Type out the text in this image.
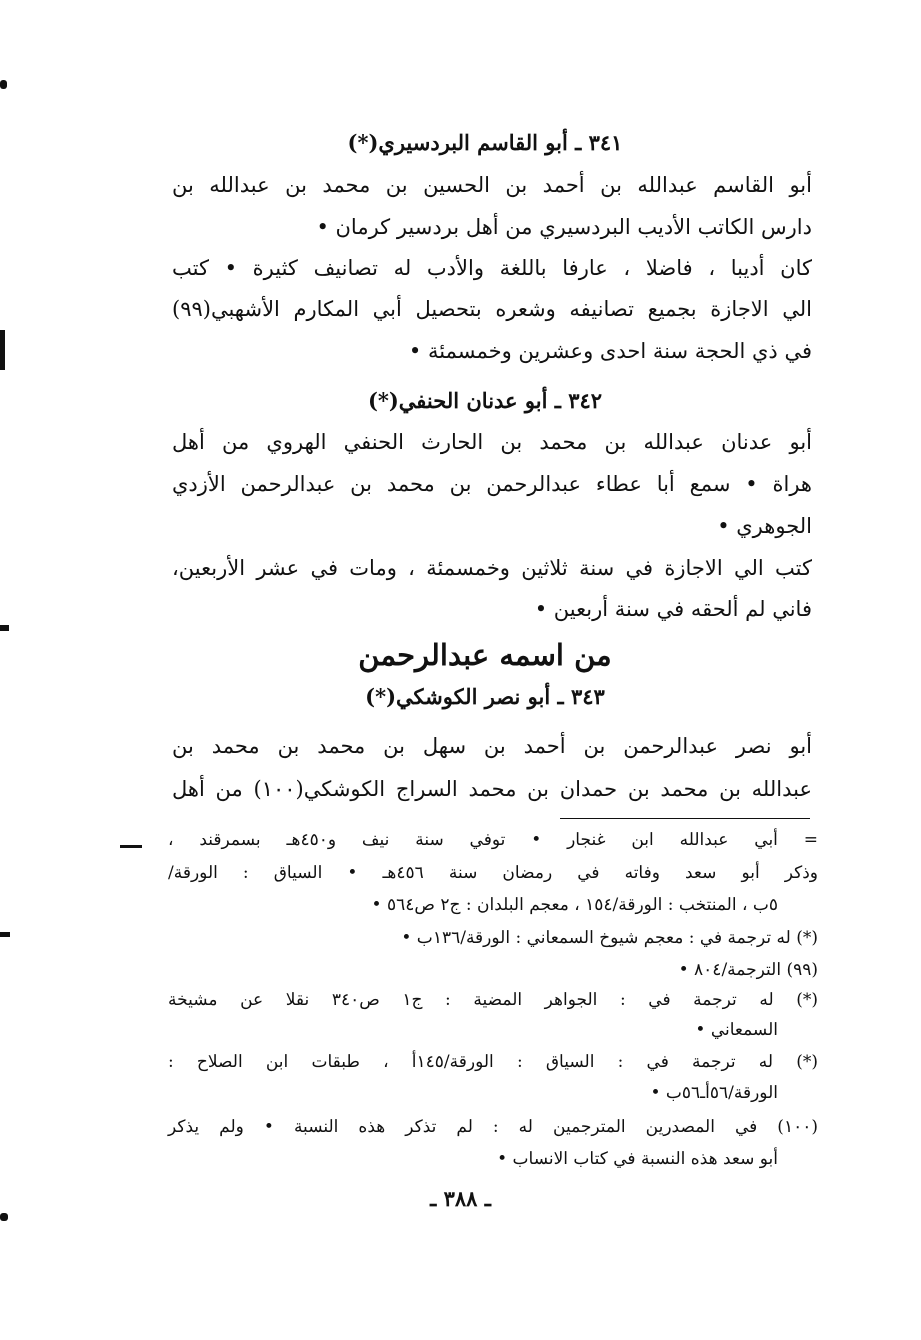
٣٤١ ـ أبو القاسم البردسيري(*)
أبو القاسم عبدالله بن أحمد بن الحسين بن محمد بن عبدالله بن
دارس الكاتب الأديب البردسيري من أهل بردسير كرمان •
كان أديبا ، فاضلا ، عارفا باللغة والأدب له تصانيف كثيرة • كتب
الي الاجازة بجميع تصانيفه وشعره بتحصيل أبي المكارم الأشهبي(٩٩)
في ذي الحجة سنة احدى وعشرين وخمسمئة •
٣٤٢ ـ أبو عدنان الحنفي(*)
أبو عدنان عبدالله بن محمد بن الحارث الحنفي الهروي من أهل
هراة • سمع أبا عطاء عبدالرحمن بن محمد بن عبدالرحمن الأزدي
الجوهري •
كتب الي الاجازة في سنة ثلاثين وخمسمئة ، ومات في عشر الأربعين،
فاني لم ألحقه في سنة أربعين •
من اسمه عبدالرحمن
٣٤٣ ـ أبو نصر الكوشكي(*)
أبو نصر عبدالرحمن بن أحمد بن سهل بن محمد بن محمد بن
عبدالله بن محمد بن حمدان بن محمد السراج الكوشكي(١٠٠) من أهل
= أبي عبدالله ابن غنجار • توفي سنة نيف و٤٥٠هـ بسمرقند ،
وذكر أبو سعد وفاته في رمضان سنة ٤٥٦هـ • السياق : الورقة/
٥ب ، المنتخب : الورقة/١٥٤ ، معجم البلدان : ج٢ ص٥٦٤ •
(*) له ترجمة في : معجم شيوخ السمعاني : الورقة/١٣٦ب •
(٩٩) الترجمة/٨٠٤ •
(*) له ترجمة في : الجواهر المضية : ج١ ص٣٤٠ نقلا عن مشيخة
السمعاني •
(*) له ترجمة في : السياق : الورقة/١٤٥أ ، طبقات ابن الصلاح :
الورقة/٥٦أـ٥٦ب •
(١٠٠) في المصدرين المترجمين له : لم تذكر هذه النسبة • ولم يذكر
أبو سعد هذه النسبة في كتاب الانساب •
ـ ٣٨٨ ـ
